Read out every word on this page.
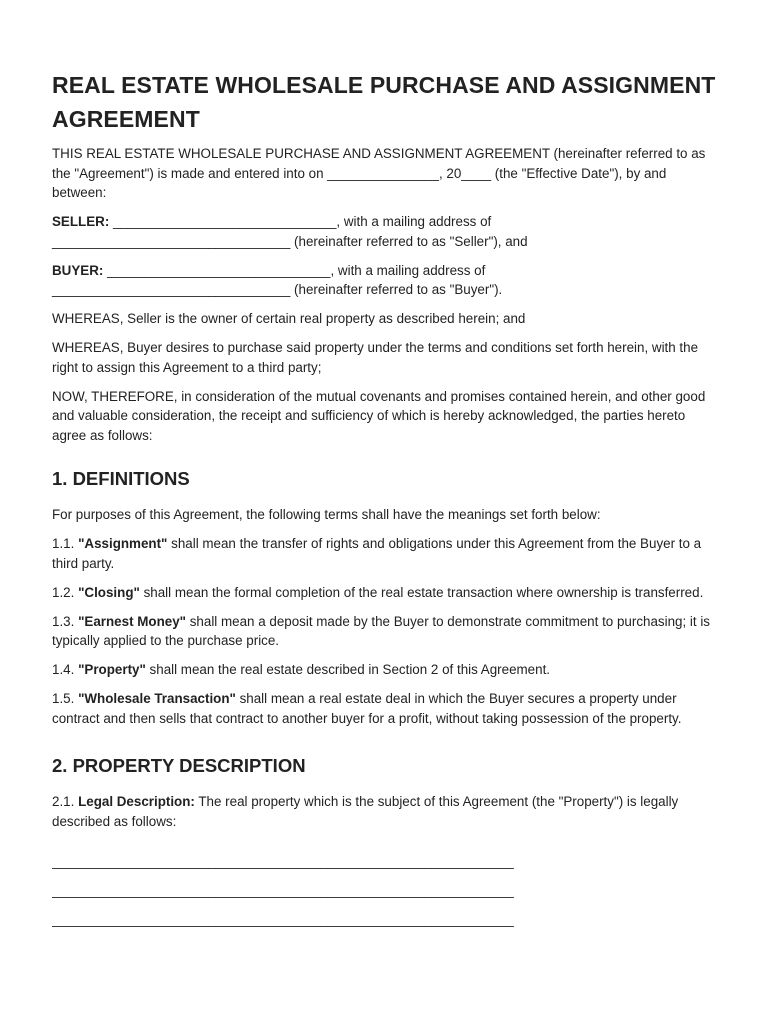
REAL ESTATE WHOLESALE PURCHASE AND ASSIGNMENT AGREEMENT

THIS REAL ESTATE WHOLESALE PURCHASE AND ASSIGNMENT AGREEMENT (hereinafter referred to as the "Agreement") is made and entered into on _______________, 20____ (the "Effective Date"), by and between:

SELLER: ______________________________, with a mailing address of ________________________________ (hereinafter referred to as "Seller"), and

BUYER: ______________________________, with a mailing address of ________________________________ (hereinafter referred to as "Buyer").

WHEREAS, Seller is the owner of certain real property as described herein; and

WHEREAS, Buyer desires to purchase said property under the terms and conditions set forth herein, with the right to assign this Agreement to a third party;

NOW, THEREFORE, in consideration of the mutual covenants and promises contained herein, and other good and valuable consideration, the receipt and sufficiency of which is hereby acknowledged, the parties hereto agree as follows:

1. DEFINITIONS

For purposes of this Agreement, the following terms shall have the meanings set forth below:

1.1. "Assignment" shall mean the transfer of rights and obligations under this Agreement from the Buyer to a third party.

1.2. "Closing" shall mean the formal completion of the real estate transaction where ownership is transferred.

1.3. "Earnest Money" shall mean a deposit made by the Buyer to demonstrate commitment to purchasing; it is typically applied to the purchase price.

1.4. "Property" shall mean the real estate described in Section 2 of this Agreement.

1.5. "Wholesale Transaction" shall mean a real estate deal in which the Buyer secures a property under contract and then sells that contract to another buyer for a profit, without taking possession of the property.

2. PROPERTY DESCRIPTION

2.1. Legal Description: The real property which is the subject of this Agreement (the "Property") is legally described as follows:

______________________________________________________________
______________________________________________________________
______________________________________________________________
